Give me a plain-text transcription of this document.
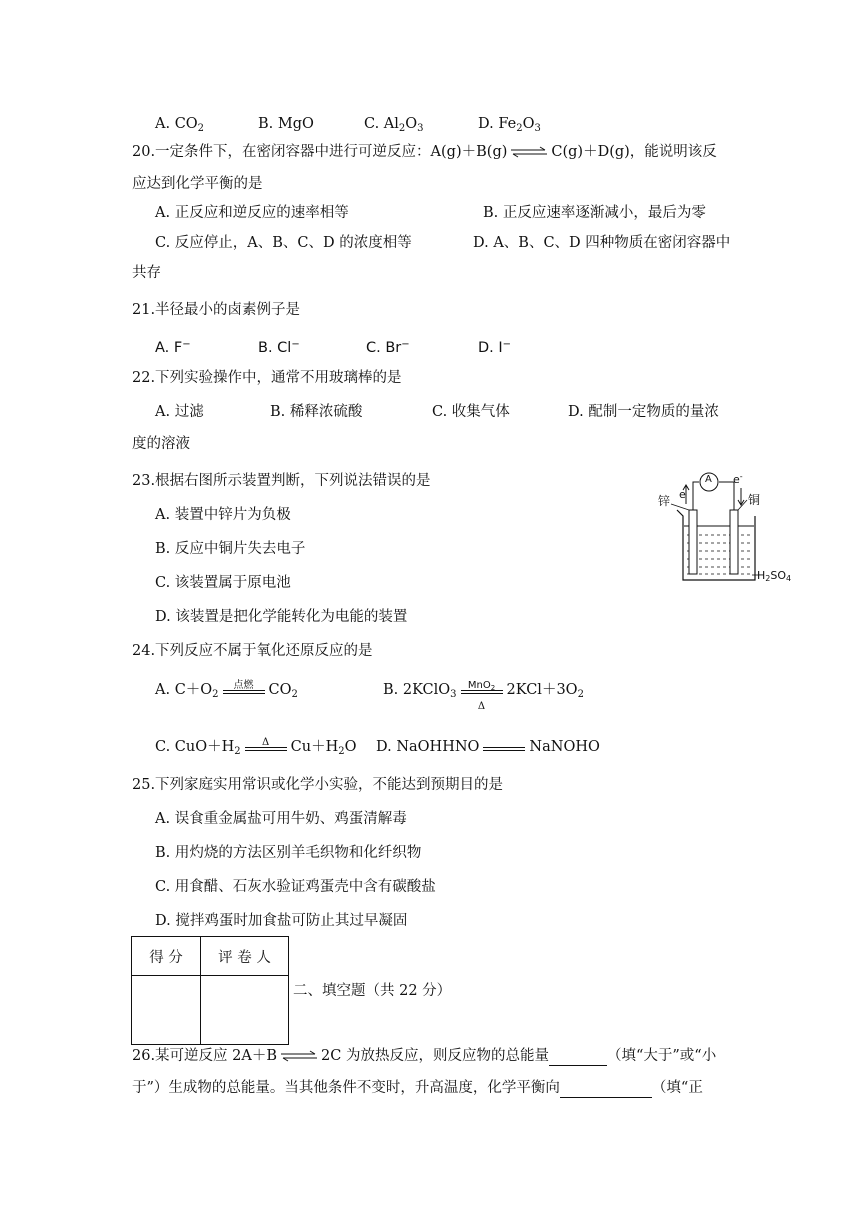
A. $CO_2$	B. MgO	C. $Al_2O_3$	D. $Fe_2O_3$
20.一定条件下，在密闭容器中进行可逆反应：A(g)＋B(g) ⇌ C(g)＋D(g)，能说明该反
应达到化学平衡的是
A. 正反应和逆反应的速率相等	B. 正反应速率逐渐减小，最后为零
C. 反应停止，A、B、C、D 的浓度相等	D. A、B、C、D 四种物质在密闭容器中
共存
21.半径最小的卤素例子是
A. F−	B. Cl−	C. Br−	D. I−
22.下列实验操作中，通常不用玻璃棒的是
A. 过滤	B. 稀释浓硫酸	C. 收集气体	D. 配制一定物质的量浓
度的溶液
23.根据右图所示装置判断，下列说法错误的是
A. 装置中锌片为负极
B. 反应中铜片失去电子
C. 该装置属于原电池
D. 该装置是把化学能转化为电能的装置
锌	铜
A
e
e-
H2SO4
24.下列反应不属于氧化还原反应的是
A. $C+O_2$
点燃	$CO_2$	B. 2KClO$_3$
MnO$_2$
Δ
$2KCl+3O_2$
C. $CuO+H_2$
Δ	$Cu+H_2O$ D. NaOHHNO	NaNOHO
25.下列家庭实用常识或化学小实验，不能达到预期目的是
A. 误食重金属盐可用牛奶、鸡蛋清解毒
B. 用灼烧的方法区别羊毛织物和化纤织物
C. 用食醋、石灰水验证鸡蛋壳中含有碳酸盐
D. 搅拌鸡蛋时加食盐可防止其过早凝固
得 分	评 卷 人

二、填空题（共 22 分）
26.某可逆反应 2A＋B ⇌ 2C 为放热反应，则反应物的总能量	（填“大于”或“小
于”）生成物的总能量。当其他条件不变时，升高温度，化学平衡向	（填“正
